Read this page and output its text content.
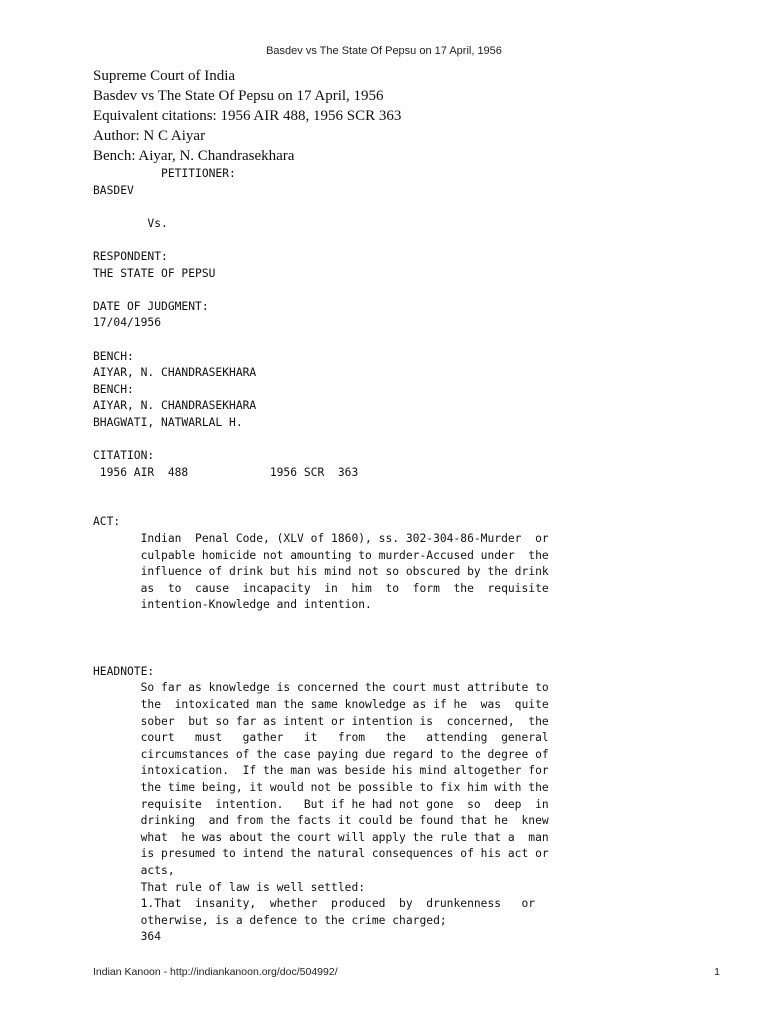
Basdev vs The State Of Pepsu on 17 April, 1956
Supreme Court of India
Basdev vs The State Of Pepsu on 17 April, 1956
Equivalent citations: 1956 AIR 488, 1956 SCR 363
Author: N C Aiyar
Bench: Aiyar, N. Chandrasekhara
PETITIONER:
BASDEV

Vs.

RESPONDENT:
THE STATE OF PEPSU

DATE OF JUDGMENT:
17/04/1956

BENCH:
AIYAR, N. CHANDRASEKHARA
BENCH:
AIYAR, N. CHANDRASEKHARA
BHAGWATI, NATWARLAL H.

CITATION:
1956 AIR  488            1956 SCR  363

ACT:
Indian  Penal Code, (XLV of 1860), ss. 302-304-86-Murder  or
culpable homicide not amounting to murder-Accused under  the
influence of drink but his mind not so obscured by the drink
as  to  cause  incapacity  in  him  to  form  the  requisite
intention-Knowledge and intention.

HEADNOTE:
So far as knowledge is concerned the court must attribute to
the  intoxicated man the same knowledge as if he  was  quite
sober  but so far as intent or intention is  concerned,  the
court   must   gather   it   from   the   attending  general
circumstances of the case paying due regard to the degree of
intoxication.  If the man was beside his mind altogether for
the time being, it would not be possible to fix him with the
requisite  intention.   But if he had not gone  so  deep  in
drinking  and from the facts it could be found that he  knew
what  he was about the court will apply the rule that a  man
is presumed to intend the natural consequences of his act or
acts,
That rule of law is well settled:
1.That  insanity,  whether  produced  by  drunkenness   or
otherwise, is a defence to the crime charged;
364
Indian Kanoon - http://indiankanoon.org/doc/504992/	1
